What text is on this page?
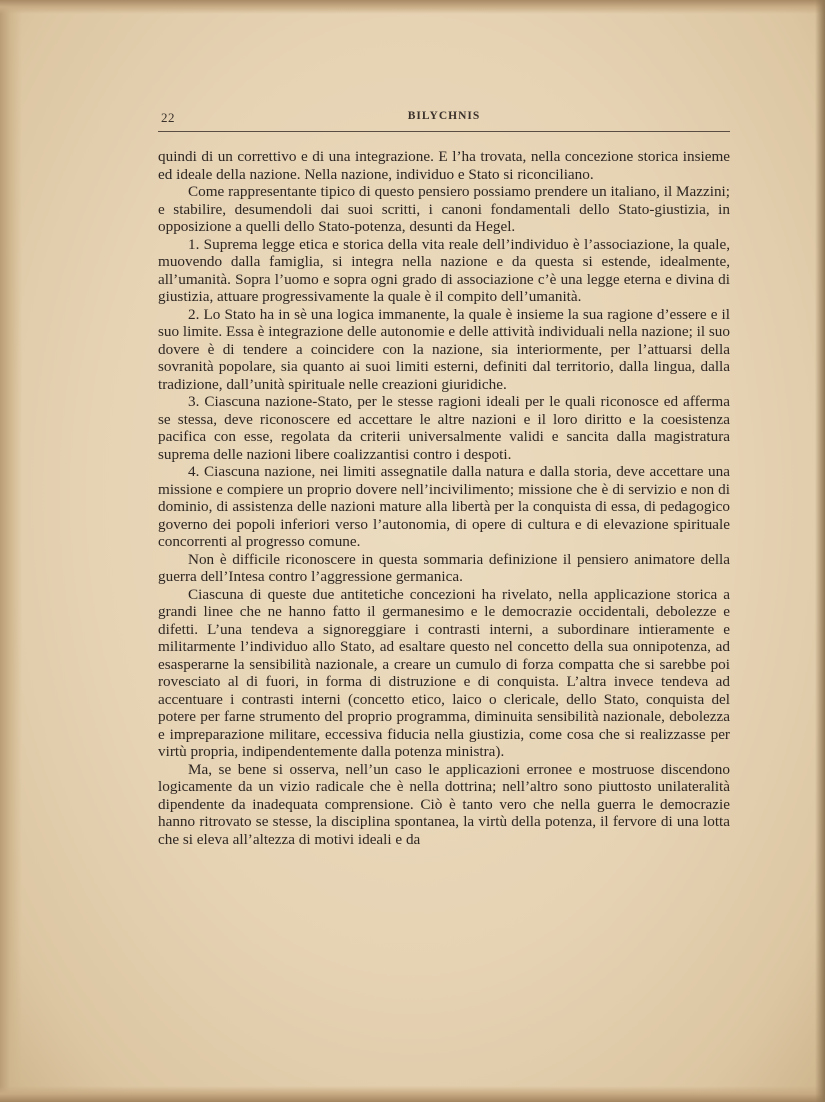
22	BILYCHNIS

quindi di un correttivo e di una integrazione. E l’ha trovata, nella concezione storica insieme ed ideale della nazione. Nella nazione, individuo e Stato si riconciliano.

Come rappresentante tipico di questo pensiero possiamo prendere un italiano, il Mazzini; e stabilire, desumendoli dai suoi scritti, i canoni fondamentali dello Stato-giustizia, in opposizione a quelli dello Stato-potenza, desunti da Hegel.

1. Suprema legge etica e storica della vita reale dell’individuo è l’associazione, la quale, muovendo dalla famiglia, si integra nella nazione e da questa si estende, idealmente, all’umanità. Sopra l’uomo e sopra ogni grado di associazione c’è una legge eterna e divina di giustizia, attuare progressivamente la quale è il compito dell’umanità.

2. Lo Stato ha in sè una logica immanente, la quale è insieme la sua ragione d’essere e il suo limite. Essa è integrazione delle autonomie e delle attività individuali nella nazione; il suo dovere è di tendere a coincidere con la nazione, sia interiormente, per l’attuarsi della sovranità popolare, sia quanto ai suoi limiti esterni, definiti dal territorio, dalla lingua, dalla tradizione, dall’unità spirituale nelle creazioni giuridiche.

3. Ciascuna nazione-Stato, per le stesse ragioni ideali per le quali riconosce ed afferma se stessa, deve riconoscere ed accettare le altre nazioni e il loro diritto e la coesistenza pacifica con esse, regolata da criterii universalmente validi e sancita dalla magistratura suprema delle nazioni libere coalizzantisi contro i despoti.

4. Ciascuna nazione, nei limiti assegnatile dalla natura e dalla storia, deve accettare una missione e compiere un proprio dovere nell’incivilimento; missione che è di servizio e non di dominio, di assistenza delle nazioni mature alla libertà per la conquista di essa, di pedagogico governo dei popoli inferiori verso l’autonomia, di opere di cultura e di elevazione spirituale concorrenti al progresso comune.

Non è difficile riconoscere in questa sommaria definizione il pensiero animatore della guerra dell’Intesa contro l’aggressione germanica.

Ciascuna di queste due antitetiche concezioni ha rivelato, nella applicazione storica a grandi linee che ne hanno fatto il germanesimo e le democrazie occidentali, debolezze e difetti. L’una tendeva a signoreggiare i contrasti interni, a subordinare intieramente e militarmente l’individuo allo Stato, ad esaltare questo nel concetto della sua onnipotenza, ad esasperarne la sensibilità nazionale, a creare un cumulo di forza compatta che si sarebbe poi rovesciato al di fuori, in forma di distruzione e di conquista. L’altra invece tendeva ad accentuare i contrasti interni (concetto etico, laico o clericale, dello Stato, conquista del potere per farne strumento del proprio programma, diminuita sensibilità nazionale, debolezza e impreparazione militare, eccessiva fiducia nella giustizia, come cosa che si realizzasse per virtù propria, indipendentemente dalla potenza ministra).

Ma, se bene si osserva, nell’un caso le applicazioni erronee e mostruose discendono logicamente da un vizio radicale che è nella dottrina; nell’altro sono piuttosto unilateralità dipendente da inadequata comprensione. Ciò è tanto vero che nella guerra le democrazie hanno ritrovato se stesse, la disciplina spontanea, la virtù della potenza, il fervore di una lotta che si eleva all’altezza di motivi ideali e da
